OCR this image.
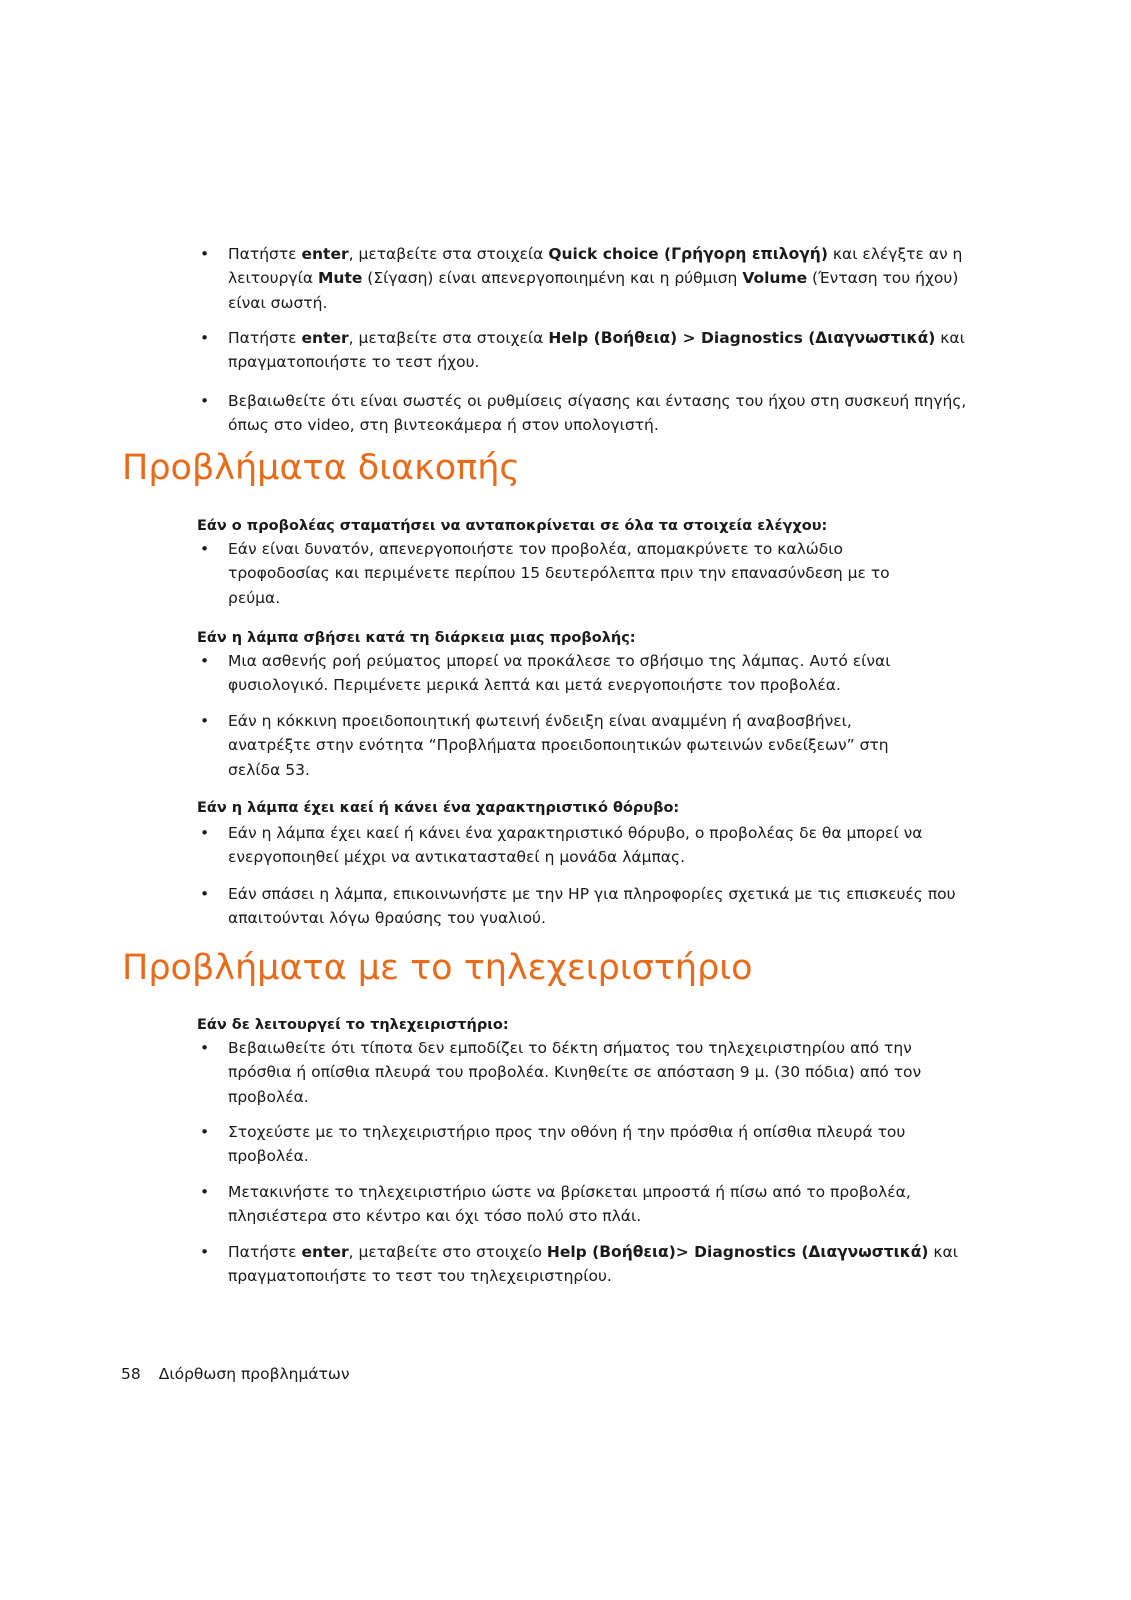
• Πατήστε enter, μεταβείτε στα στοιχεία Quick choice (Γρήγορη επιλογή) και ελέγξτε αν η λειτουργία Mute (Σίγαση) είναι απενεργοποιημένη και η ρύθμιση Volume (Ένταση του ήχου) είναι σωστή.
• Πατήστε enter, μεταβείτε στα στοιχεία Help (Βοήθεια) > Diagnostics (Διαγνωστικά) και πραγματοποιήστε το τεστ ήχου.
• Βεβαιωθείτε ότι είναι σωστές οι ρυθμίσεις σίγασης και έντασης του ήχου στη συσκευή πηγής, όπως στο video, στη βιντεοκάμερα ή στον υπολογιστή.
Προβλήματα διακοπής
Εάν ο προβολέας σταματήσει να ανταποκρίνεται σε όλα τα στοιχεία ελέγχου:
• Εάν είναι δυνατόν, απενεργοποιήστε τον προβολέα, απομακρύνετε το καλώδιο τροφοδοσίας και περιμένετε περίπου 15 δευτερόλεπτα πριν την επανασύνδεση με το ρεύμα.
Εάν η λάμπα σβήσει κατά τη διάρκεια μιας προβολής:
• Μια ασθενής ροή ρεύματος μπορεί να προκάλεσε το σβήσιμο της λάμπας. Αυτό είναι φυσιολογικό. Περιμένετε μερικά λεπτά και μετά ενεργοποιήστε τον προβολέα.
• Εάν η κόκκινη προειδοποιητική φωτεινή ένδειξη είναι αναμμένη ή αναβοσβήνει, ανατρέξτε στην ενότητα “Προβλήματα προειδοποιητικών φωτεινών ενδείξεων” στη σελίδα 53.
Εάν η λάμπα έχει καεί ή κάνει ένα χαρακτηριστικό θόρυβο:
• Εάν η λάμπα έχει καεί ή κάνει ένα χαρακτηριστικό θόρυβο, ο προβολέας δε θα μπορεί να ενεργοποιηθεί μέχρι να αντικατασταθεί η μονάδα λάμπας.
• Εάν σπάσει η λάμπα, επικοινωνήστε με την HP για πληροφορίες σχετικά με τις επισκευές που απαιτούνται λόγω θραύσης του γυαλιού.
Προβλήματα με το τηλεχειριστήριο
Εάν δε λειτουργεί το τηλεχειριστήριο:
• Βεβαιωθείτε ότι τίποτα δεν εμποδίζει το δέκτη σήματος του τηλεχειριστηρίου από την πρόσθια ή οπίσθια πλευρά του προβολέα. Κινηθείτε σε απόσταση 9 μ. (30 πόδια) από τον προβολέα.
• Στοχεύστε με το τηλεχειριστήριο προς την οθόνη ή την πρόσθια ή οπίσθια πλευρά του προβολέα.
• Μετακινήστε το τηλεχειριστήριο ώστε να βρίσκεται μπροστά ή πίσω από το προβολέα, πλησιέστερα στο κέντρο και όχι τόσο πολύ στο πλάι.
• Πατήστε enter, μεταβείτε στο στοιχείο Help (Βοήθεια)> Diagnostics (Διαγνωστικά) και πραγματοποιήστε το τεστ του τηλεχειριστηρίου.
58 Διόρθωση προβλημάτων
